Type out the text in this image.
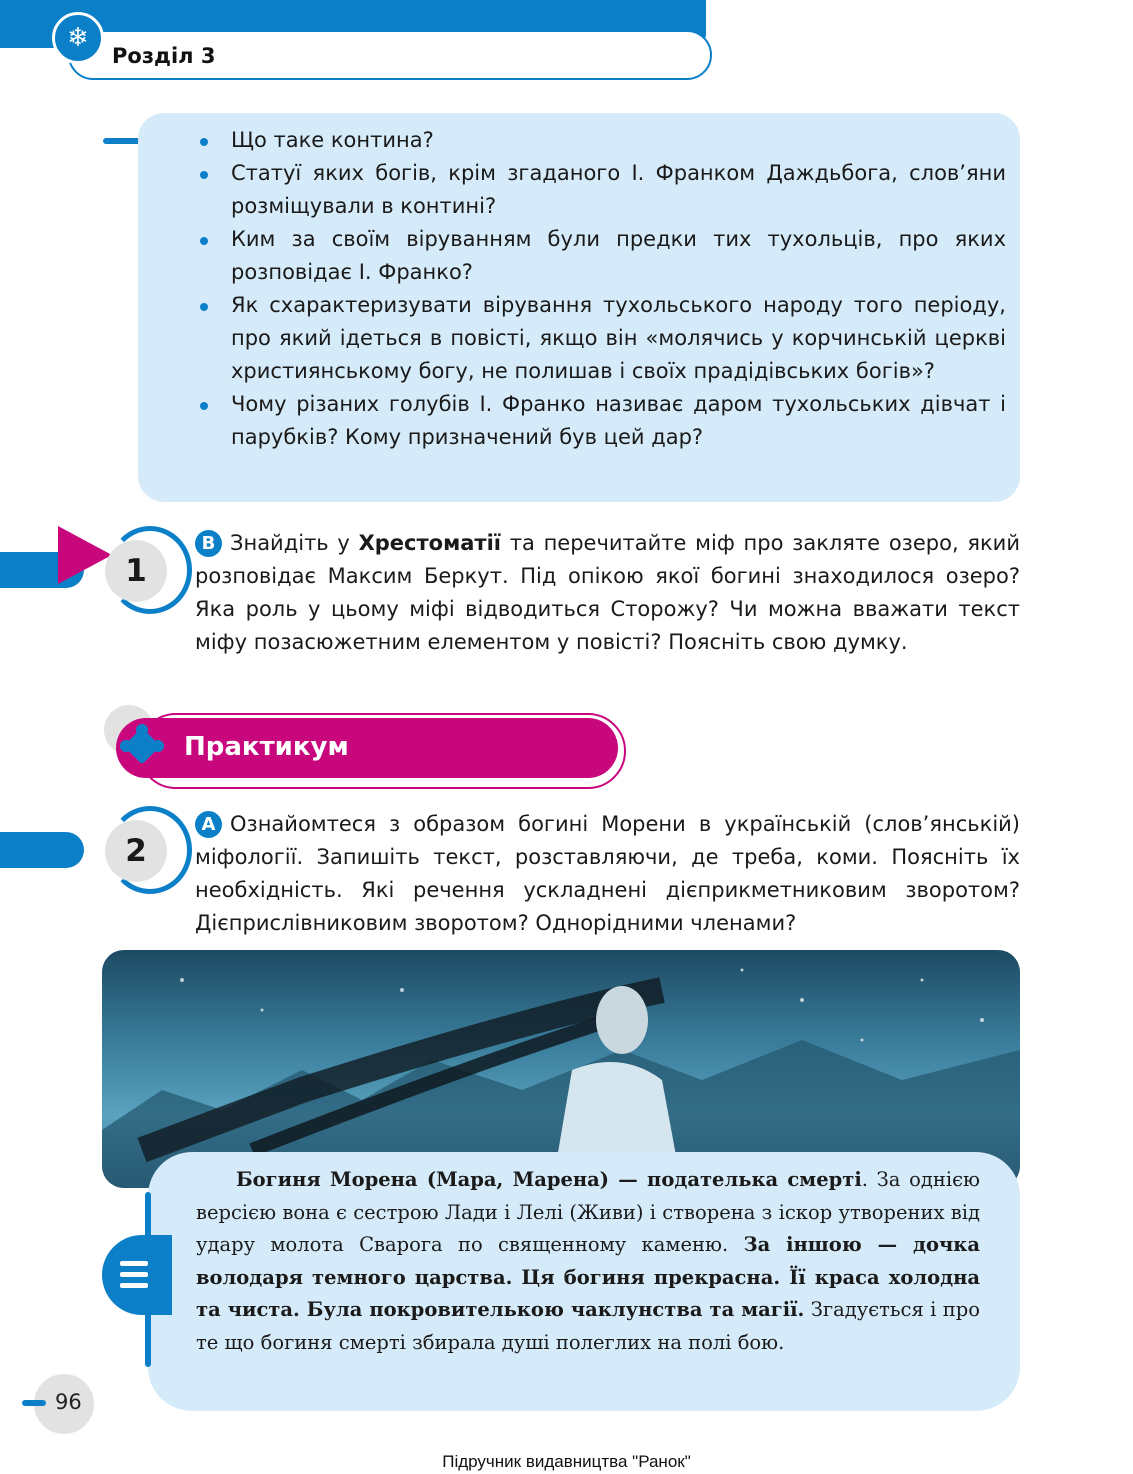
❄
Розділ 3
Що таке контина?
Статуї яких богів, крім згаданого І. Франком Даждьбога, слов’яни розміщували в контині?
Ким за своїм віруванням були предки тих тухольців, про яких розповідає І. Франко?
Як схарактеризувати вірування тухольського народу того періоду, про який ідеться в повісті, якщо він «молячись у корчинській церкві християнському богу, не полишав і своїх прадідівських богів»?
Чому різаних голубів І. Франко називає даром тухольських дівчат і парубків? Кому призначений був цей дар?
1
В Знайдіть у Хрестоматії та перечитайте міф про закляте озеро, який розповідає Максим Беркут. Під опікою якої богині знаходилося озеро? Яка роль у цьому міфі відводиться Сторожу? Чи можна вважати текст міфу позасюжетним елементом у повісті? Поясніть свою думку.
Практикум
2
А Ознайомтеся з образом богині Морени в українській (слов’янській) міфології. Запишіть текст, розставляючи, де треба, коми. Поясніть їх необхідність. Які речення ускладнені дієприкметниковим зворотом? Дієприслівниковим зворотом? Однорідними членами?
Богиня Морена (Мара, Марена) — подателька смерті. За однією версією вона є сестрою Лади і Лелі (Живи) і створена з іскор утворених від удару молота Сварога по священному каменю. За іншою — дочка володаря темного царства. Ця богиня прекрасна. Її краса холодна та чиста. Була покровителькою чаклунства та магії. Згадується і про те що богиня смерті збирала душі полеглих на полі бою.
96
Підручник видавництва "Ранок"
